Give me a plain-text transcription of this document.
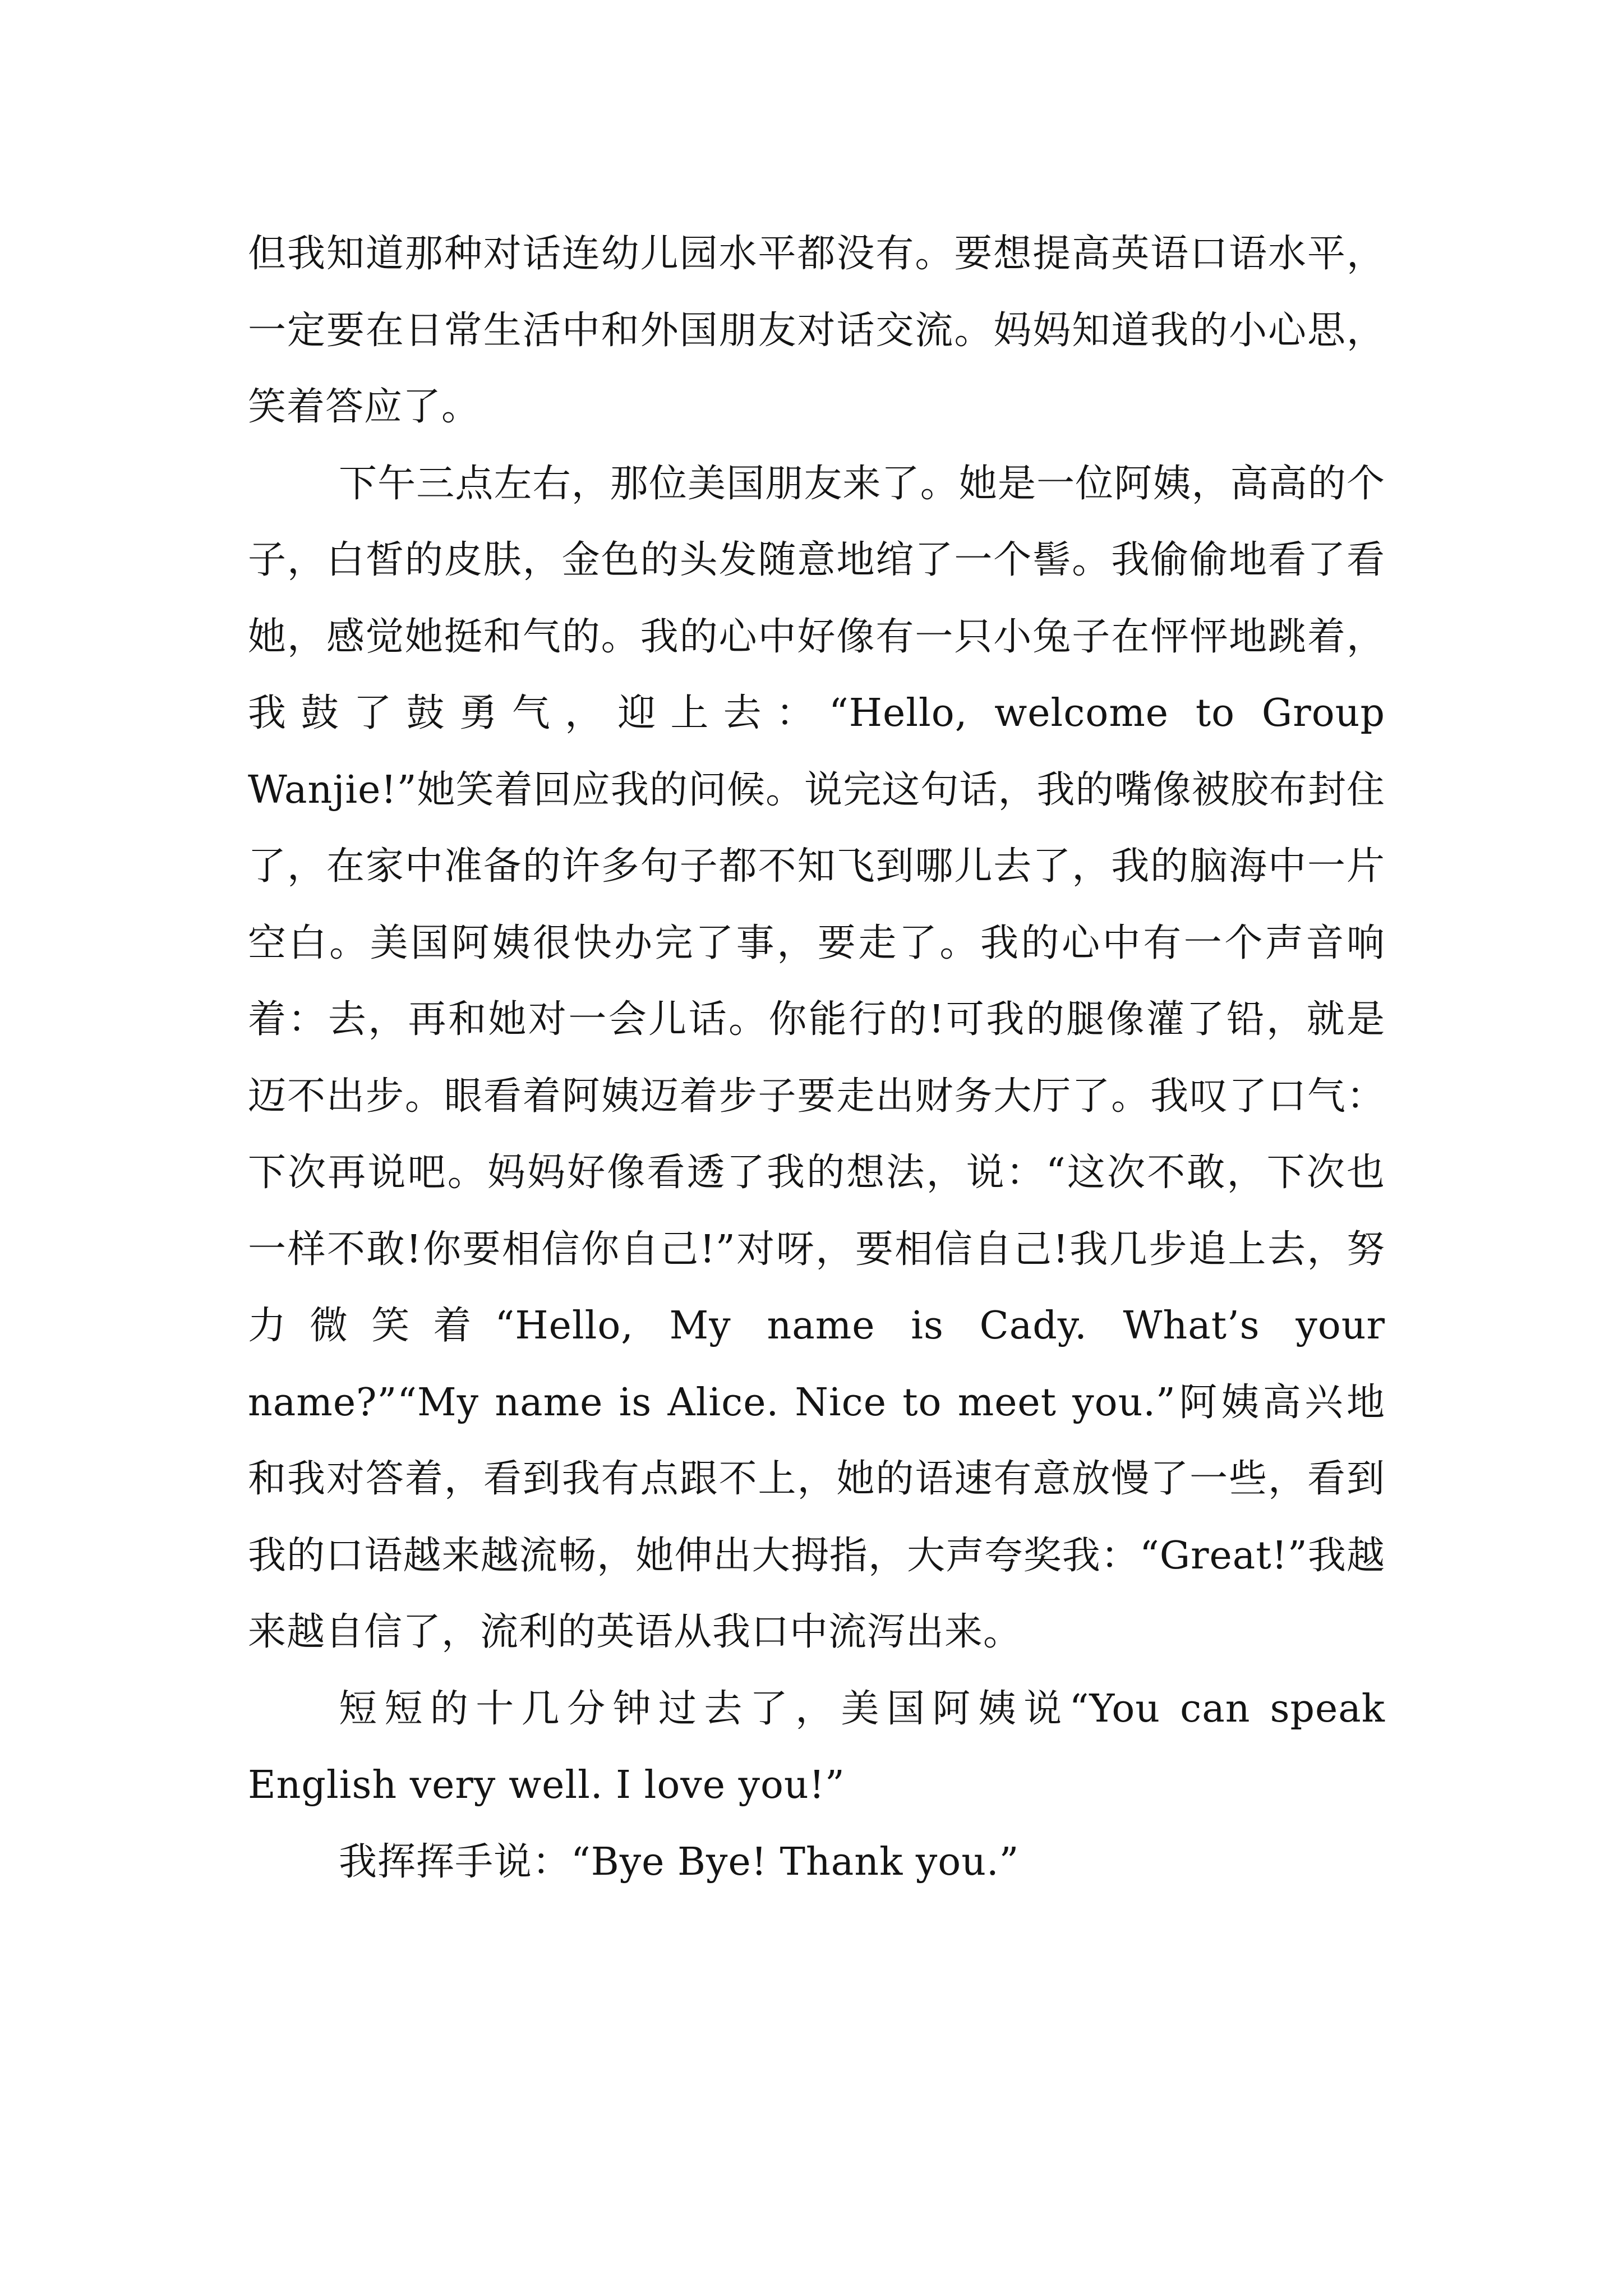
但我知道那种对话连幼儿园水平都没有。要想提高英语口语水平，一定要在日常生活中和外国朋友对话交流。妈妈知道我的小心思，笑着答应了。

下午三点左右，那位美国朋友来了。她是一位阿姨，高高的个子，白皙的皮肤，金色的头发随意地绾了一个髻。我偷偷地看了看她，感觉她挺和气的。我的心中好像有一只小兔子在怦怦地跳着，我鼓了鼓勇气，迎上去：“Hello, welcome to Group Wanjie!”她笑着回应我的问候。说完这句话，我的嘴像被胶布封住了，在家中准备的许多句子都不知飞到哪儿去了，我的脑海中一片空白。美国阿姨很快办完了事，要走了。我的心中有一个声音响着：去，再和她对一会儿话。你能行的!可我的腿像灌了铅，就是迈不出步。眼看着阿姨迈着步子要走出财务大厅了。我叹了口气：下次再说吧。妈妈好像看透了我的想法，说：“这次不敢，下次也一样不敢!你要相信你自己!”对呀，要相信自己!我几步追上去，努力微笑着“Hello, My name is Cady. What’s your name?”“My name is Alice. Nice to meet you.”阿姨高兴地和我对答着，看到我有点跟不上，她的语速有意放慢了一些，看到我的口语越来越流畅，她伸出大拇指，大声夸奖我：“Great!”我越来越自信了，流利的英语从我口中流泻出来。

短短的十几分钟过去了，美国阿姨说“You can speak English very well. I love you!”

我挥挥手说：“Bye Bye! Thank you.”
